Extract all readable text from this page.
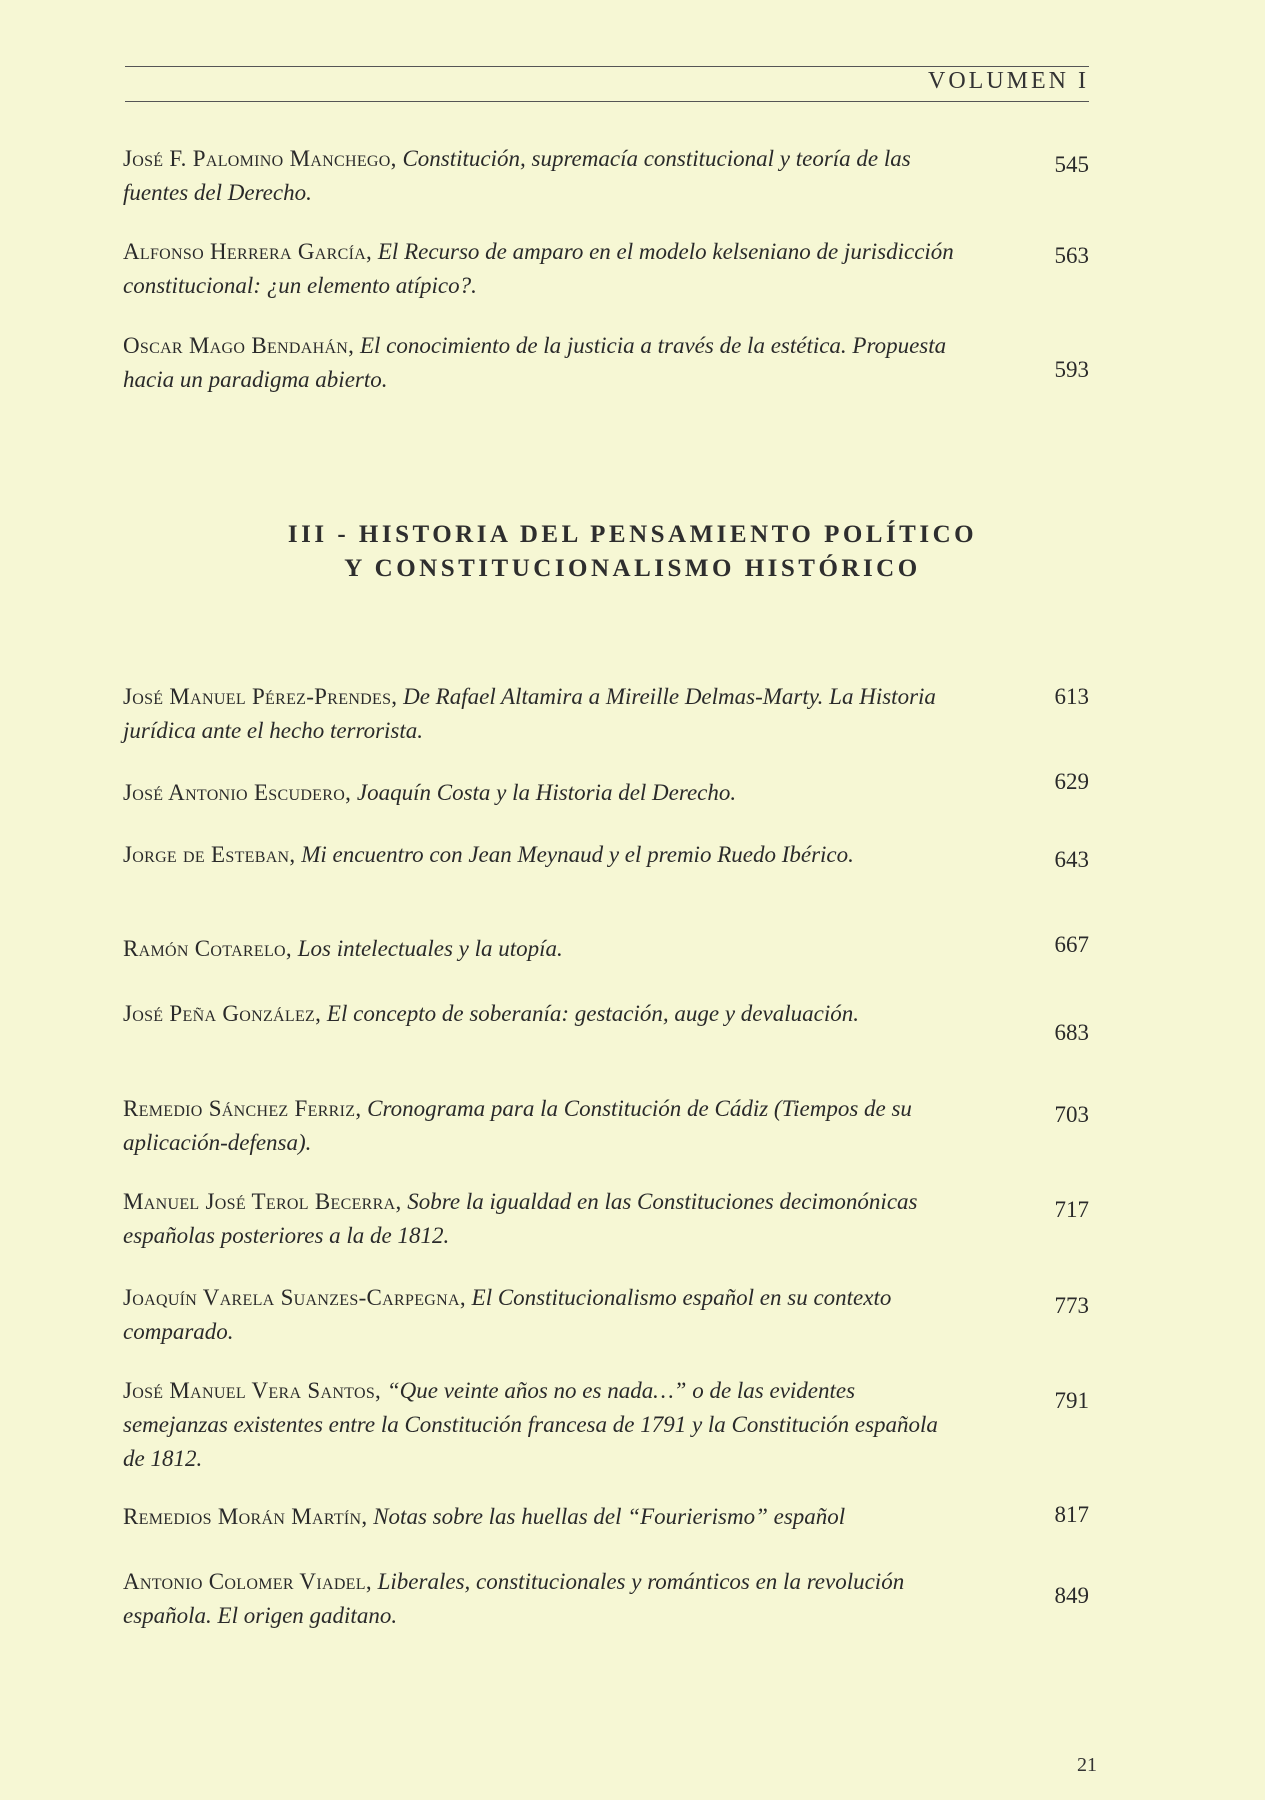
VOLUMEN I
José F. Palomino Manchego, Constitución, supremacía constitucional y teoría de las fuentes del Derecho.
545
Alfonso Herrera García, El Recurso de amparo en el modelo kelseniano de jurisdicción constitucional: ¿un elemento atípico?.
563
Oscar Mago Bendahán, El conocimiento de la justicia a través de la estética. Propuesta hacia un paradigma abierto.	593
III - HISTORIA DEL PENSAMIENTO POLÍTICO
Y CONSTITUCIONALISMO HISTÓRICO
José Manuel Pérez-Prendes, De Rafael Altamira a Mireille Delmas-Marty. La Historia jurídica ante el hecho terrorista.
613
José Antonio Escudero, Joaquín Costa y la Historia del Derecho.	629
Jorge de Esteban, Mi encuentro con Jean Meynaud y el premio Ruedo Ibérico.	643
Ramón Cotarelo, Los intelectuales y la utopía.	667
José Peña González, El concepto de soberanía: gestación, auge y devaluación.
683
Remedio Sánchez Ferriz, Cronograma para la Constitución de Cádiz (Tiempos de su aplicación-defensa).
703
Manuel José Terol Becerra, Sobre la igualdad en las Constituciones decimonónicas españolas posteriores a la de 1812.
717
Joaquín Varela Suanzes-Carpegna, El Constitucionalismo español en su contexto comparado.
773
José Manuel Vera Santos, “Que veinte años no es nada…” o de las evidentes semejanzas existentes entre la Constitución francesa de 1791 y la Constitución española de 1812.
791
Remedios Morán Martín, Notas sobre las huellas del “Fourierismo” español	817
Antonio Colomer Viadel, Liberales, constitucionales y románticos en la revolución española. El origen gaditano.
849
21
